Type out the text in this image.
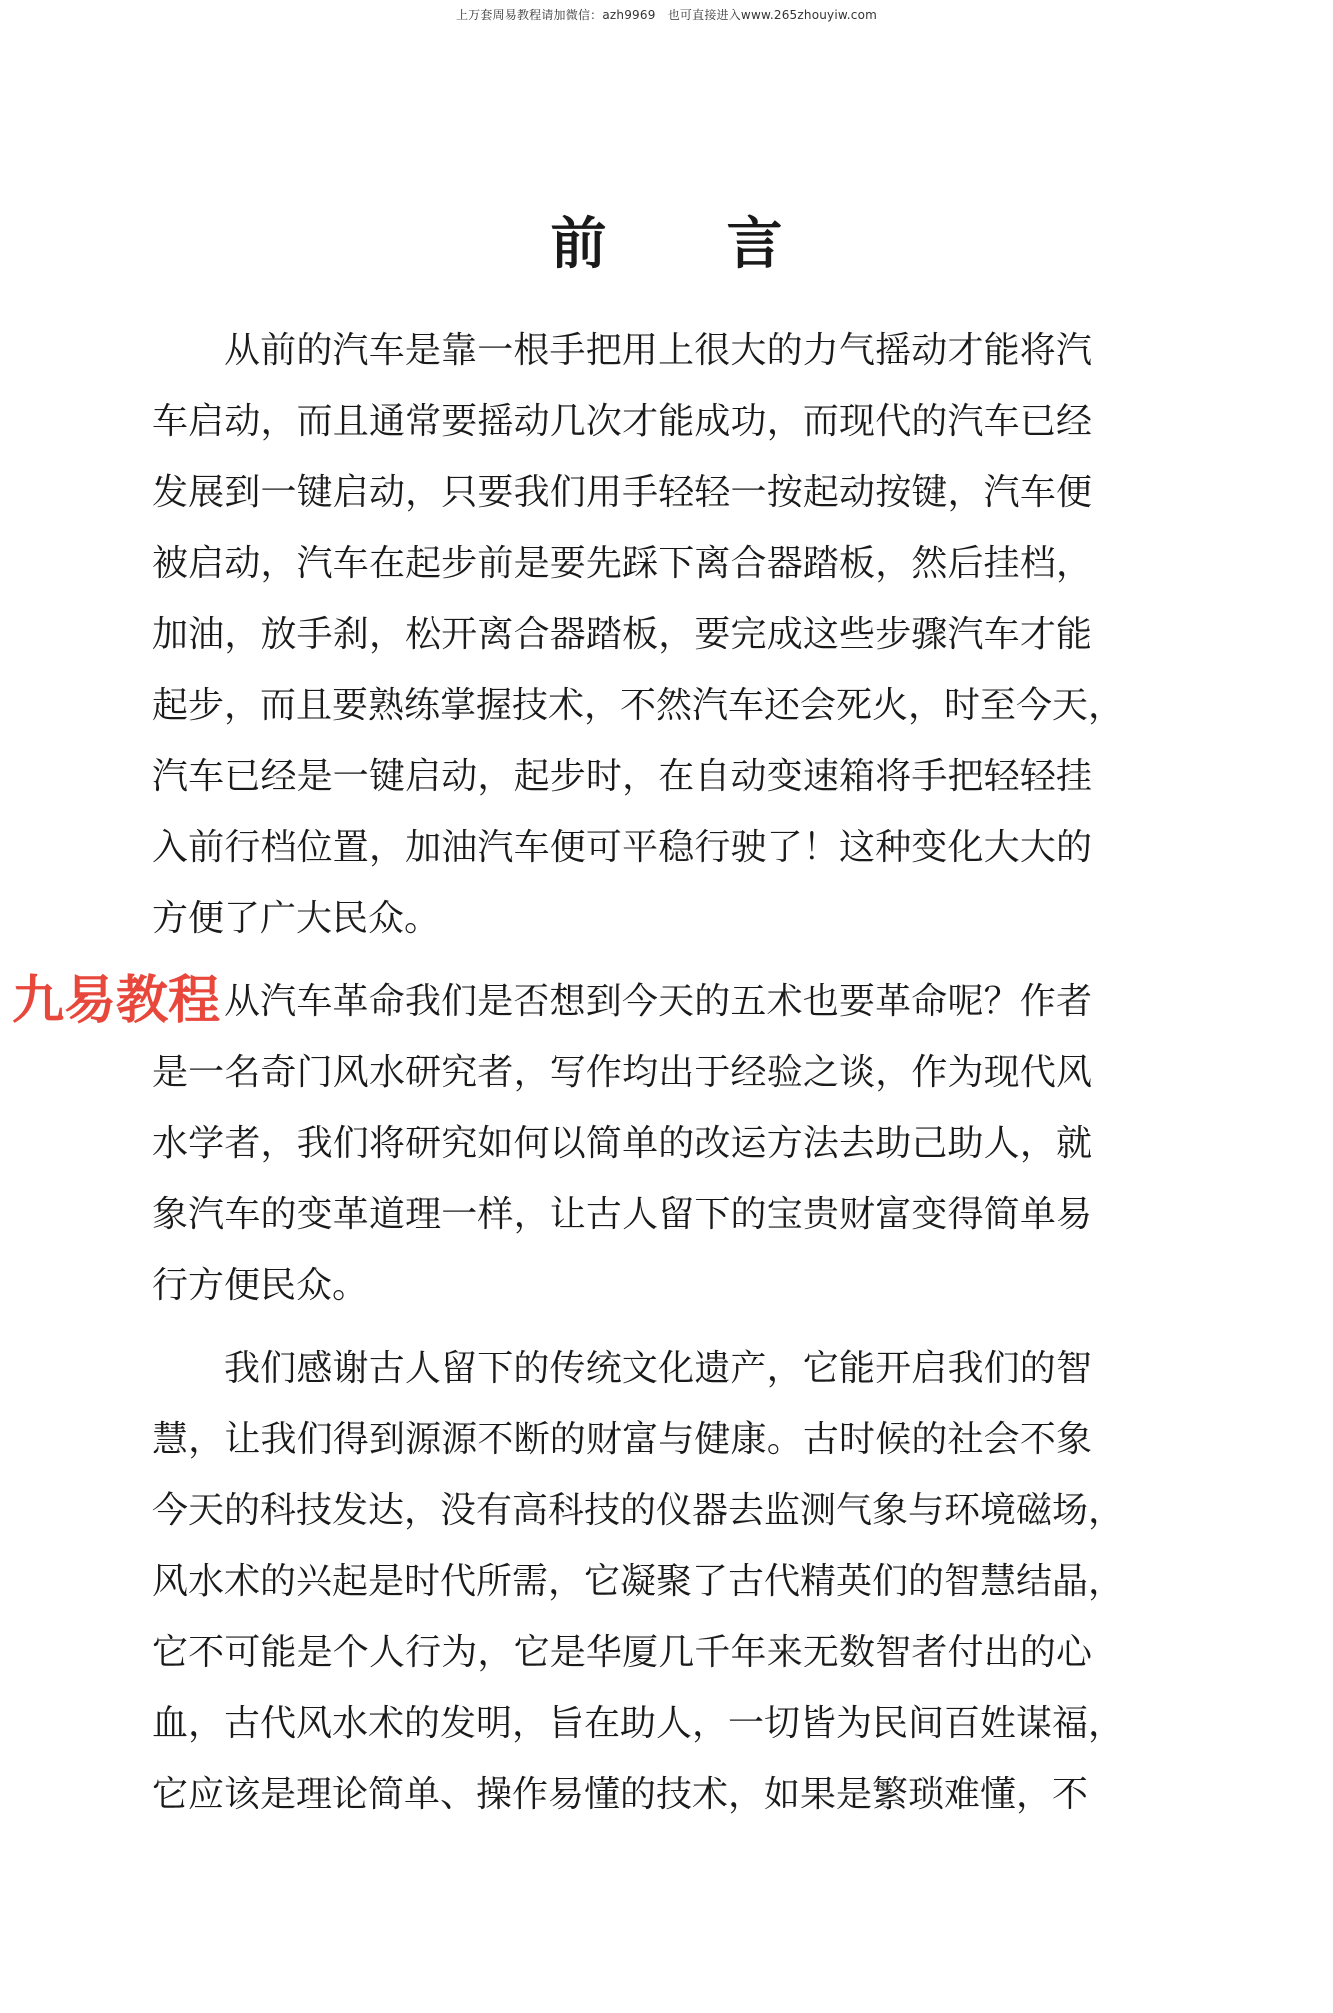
上万套周易教程请加微信：azh9969　也可直接进入www.265zhouyiw.com
前 言
从前的汽车是靠一根手把用上很大的力气摇动才能将汽
车启动，而且通常要摇动几次才能成功，而现代的汽车已经
发展到一键启动，只要我们用手轻轻一按起动按键，汽车便
被启动，汽车在起步前是要先踩下离合器踏板，然后挂档，
加油，放手刹，松开离合器踏板，要完成这些步骤汽车才能
起步，而且要熟练掌握技术，不然汽车还会死火，时至今天，
汽车已经是一键启动，起步时，在自动变速箱将手把轻轻挂
入前行档位置，加油汽车便可平稳行驶了！这种变化大大的
方便了广大民众。
从汽车革命我们是否想到今天的五术也要革命呢？作者
是一名奇门风水研究者，写作均出于经验之谈，作为现代风
水学者，我们将研究如何以简单的改运方法去助己助人，就
象汽车的变革道理一样，让古人留下的宝贵财富变得简单易
行方便民众。
我们感谢古人留下的传统文化遗产，它能开启我们的智
慧，让我们得到源源不断的财富与健康。古时候的社会不象
今天的科技发达，没有高科技的仪器去监测气象与环境磁场，
风水术的兴起是时代所需，它凝聚了古代精英们的智慧结晶，
它不可能是个人行为，它是华厦几千年来无数智者付出的心
血，古代风水术的发明，旨在助人，一切皆为民间百姓谋福，
它应该是理论简单、操作易懂的技术，如果是繁琐难懂，不
九易教程
